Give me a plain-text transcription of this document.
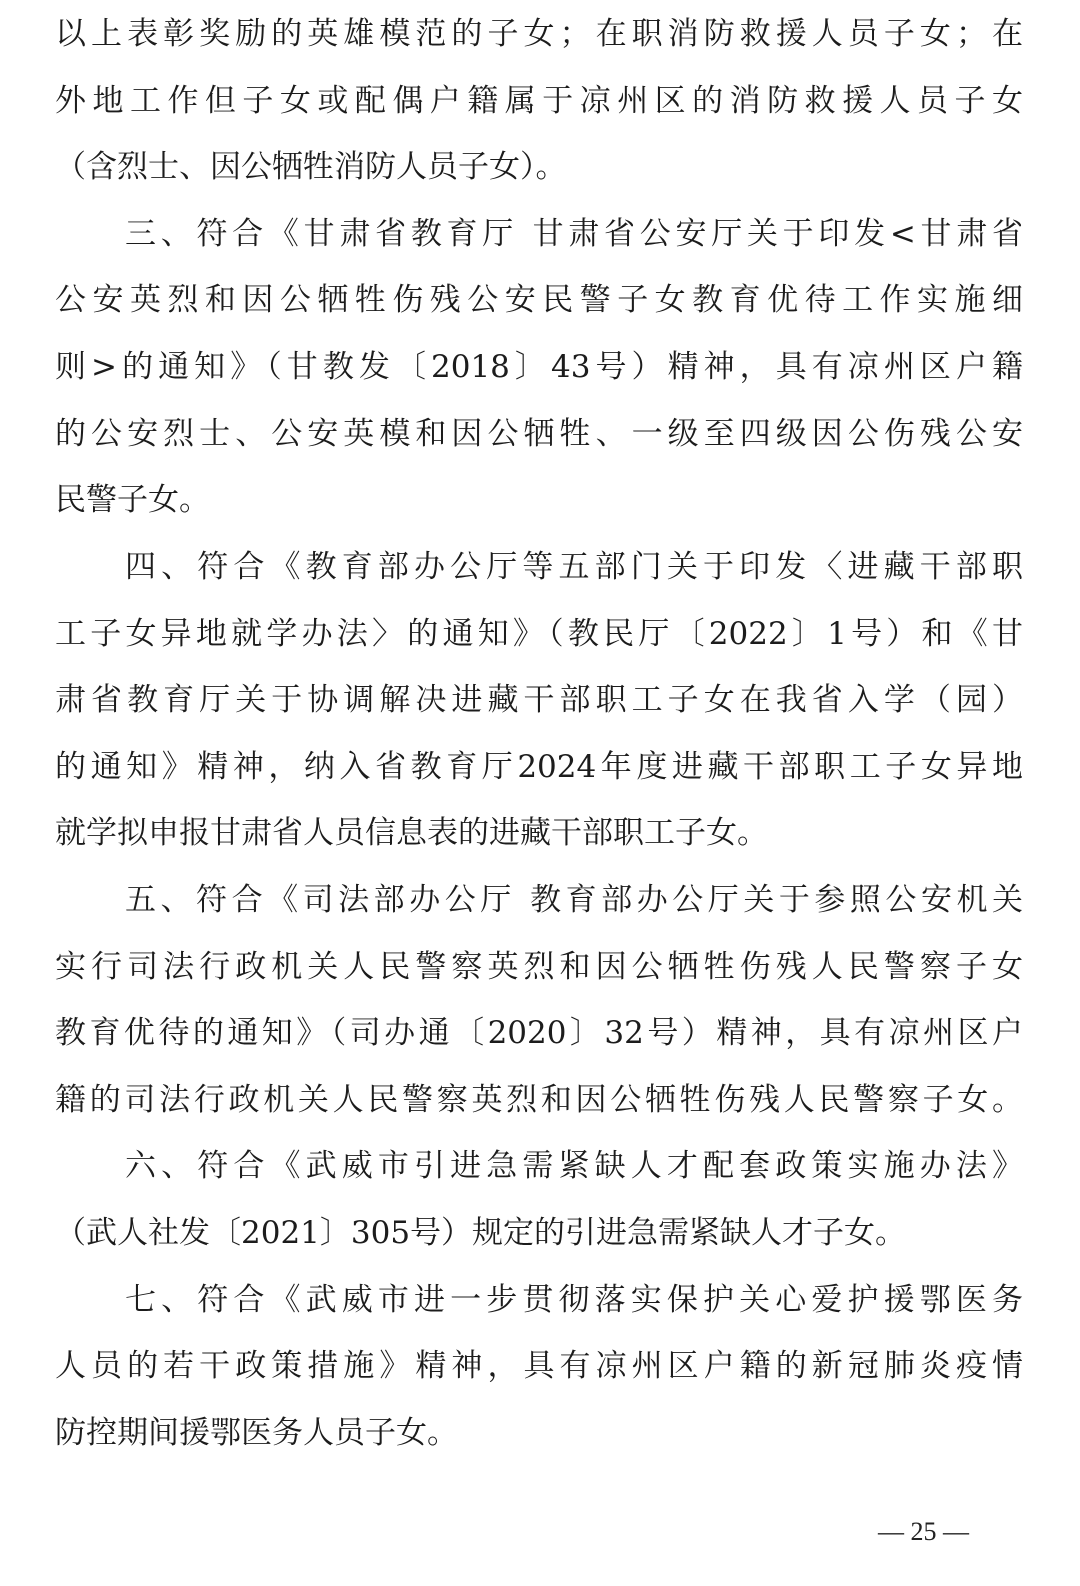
以上表彰奖励的英雄模范的子女；在职消防救援人员子女；在
外地工作但子女或配偶户籍属于凉州区的消防救援人员子女
（含烈士、因公牺牲消防人员子女）。
三、符合《甘肃省教育厅 甘肃省公安厅关于印发<甘肃省
公安英烈和因公牺牲伤残公安民警子女教育优待工作实施细
则>的通知》（甘教发〔2018〕43号）精神，具有凉州区户籍
的公安烈士、公安英模和因公牺牲、一级至四级因公伤残公安
民警子女。
四、符合《教育部办公厅等五部门关于印发〈进藏干部职
工子女异地就学办法〉的通知》（教民厅〔2022〕1号）和《甘
肃省教育厅关于协调解决进藏干部职工子女在我省入学（园）
的通知》精神，纳入省教育厅2024年度进藏干部职工子女异地
就学拟申报甘肃省人员信息表的进藏干部职工子女。
五、符合《司法部办公厅 教育部办公厅关于参照公安机关
实行司法行政机关人民警察英烈和因公牺牲伤残人民警察子女
教育优待的通知》（司办通〔2020〕32号）精神，具有凉州区户
籍的司法行政机关人民警察英烈和因公牺牲伤残人民警察子女。
六、符合《武威市引进急需紧缺人才配套政策实施办法》
（武人社发〔2021〕305号）规定的引进急需紧缺人才子女。
七、符合《武威市进一步贯彻落实保护关心爱护援鄂医务
人员的若干政策措施》精神，具有凉州区户籍的新冠肺炎疫情
防控期间援鄂医务人员子女。
— 25 —
